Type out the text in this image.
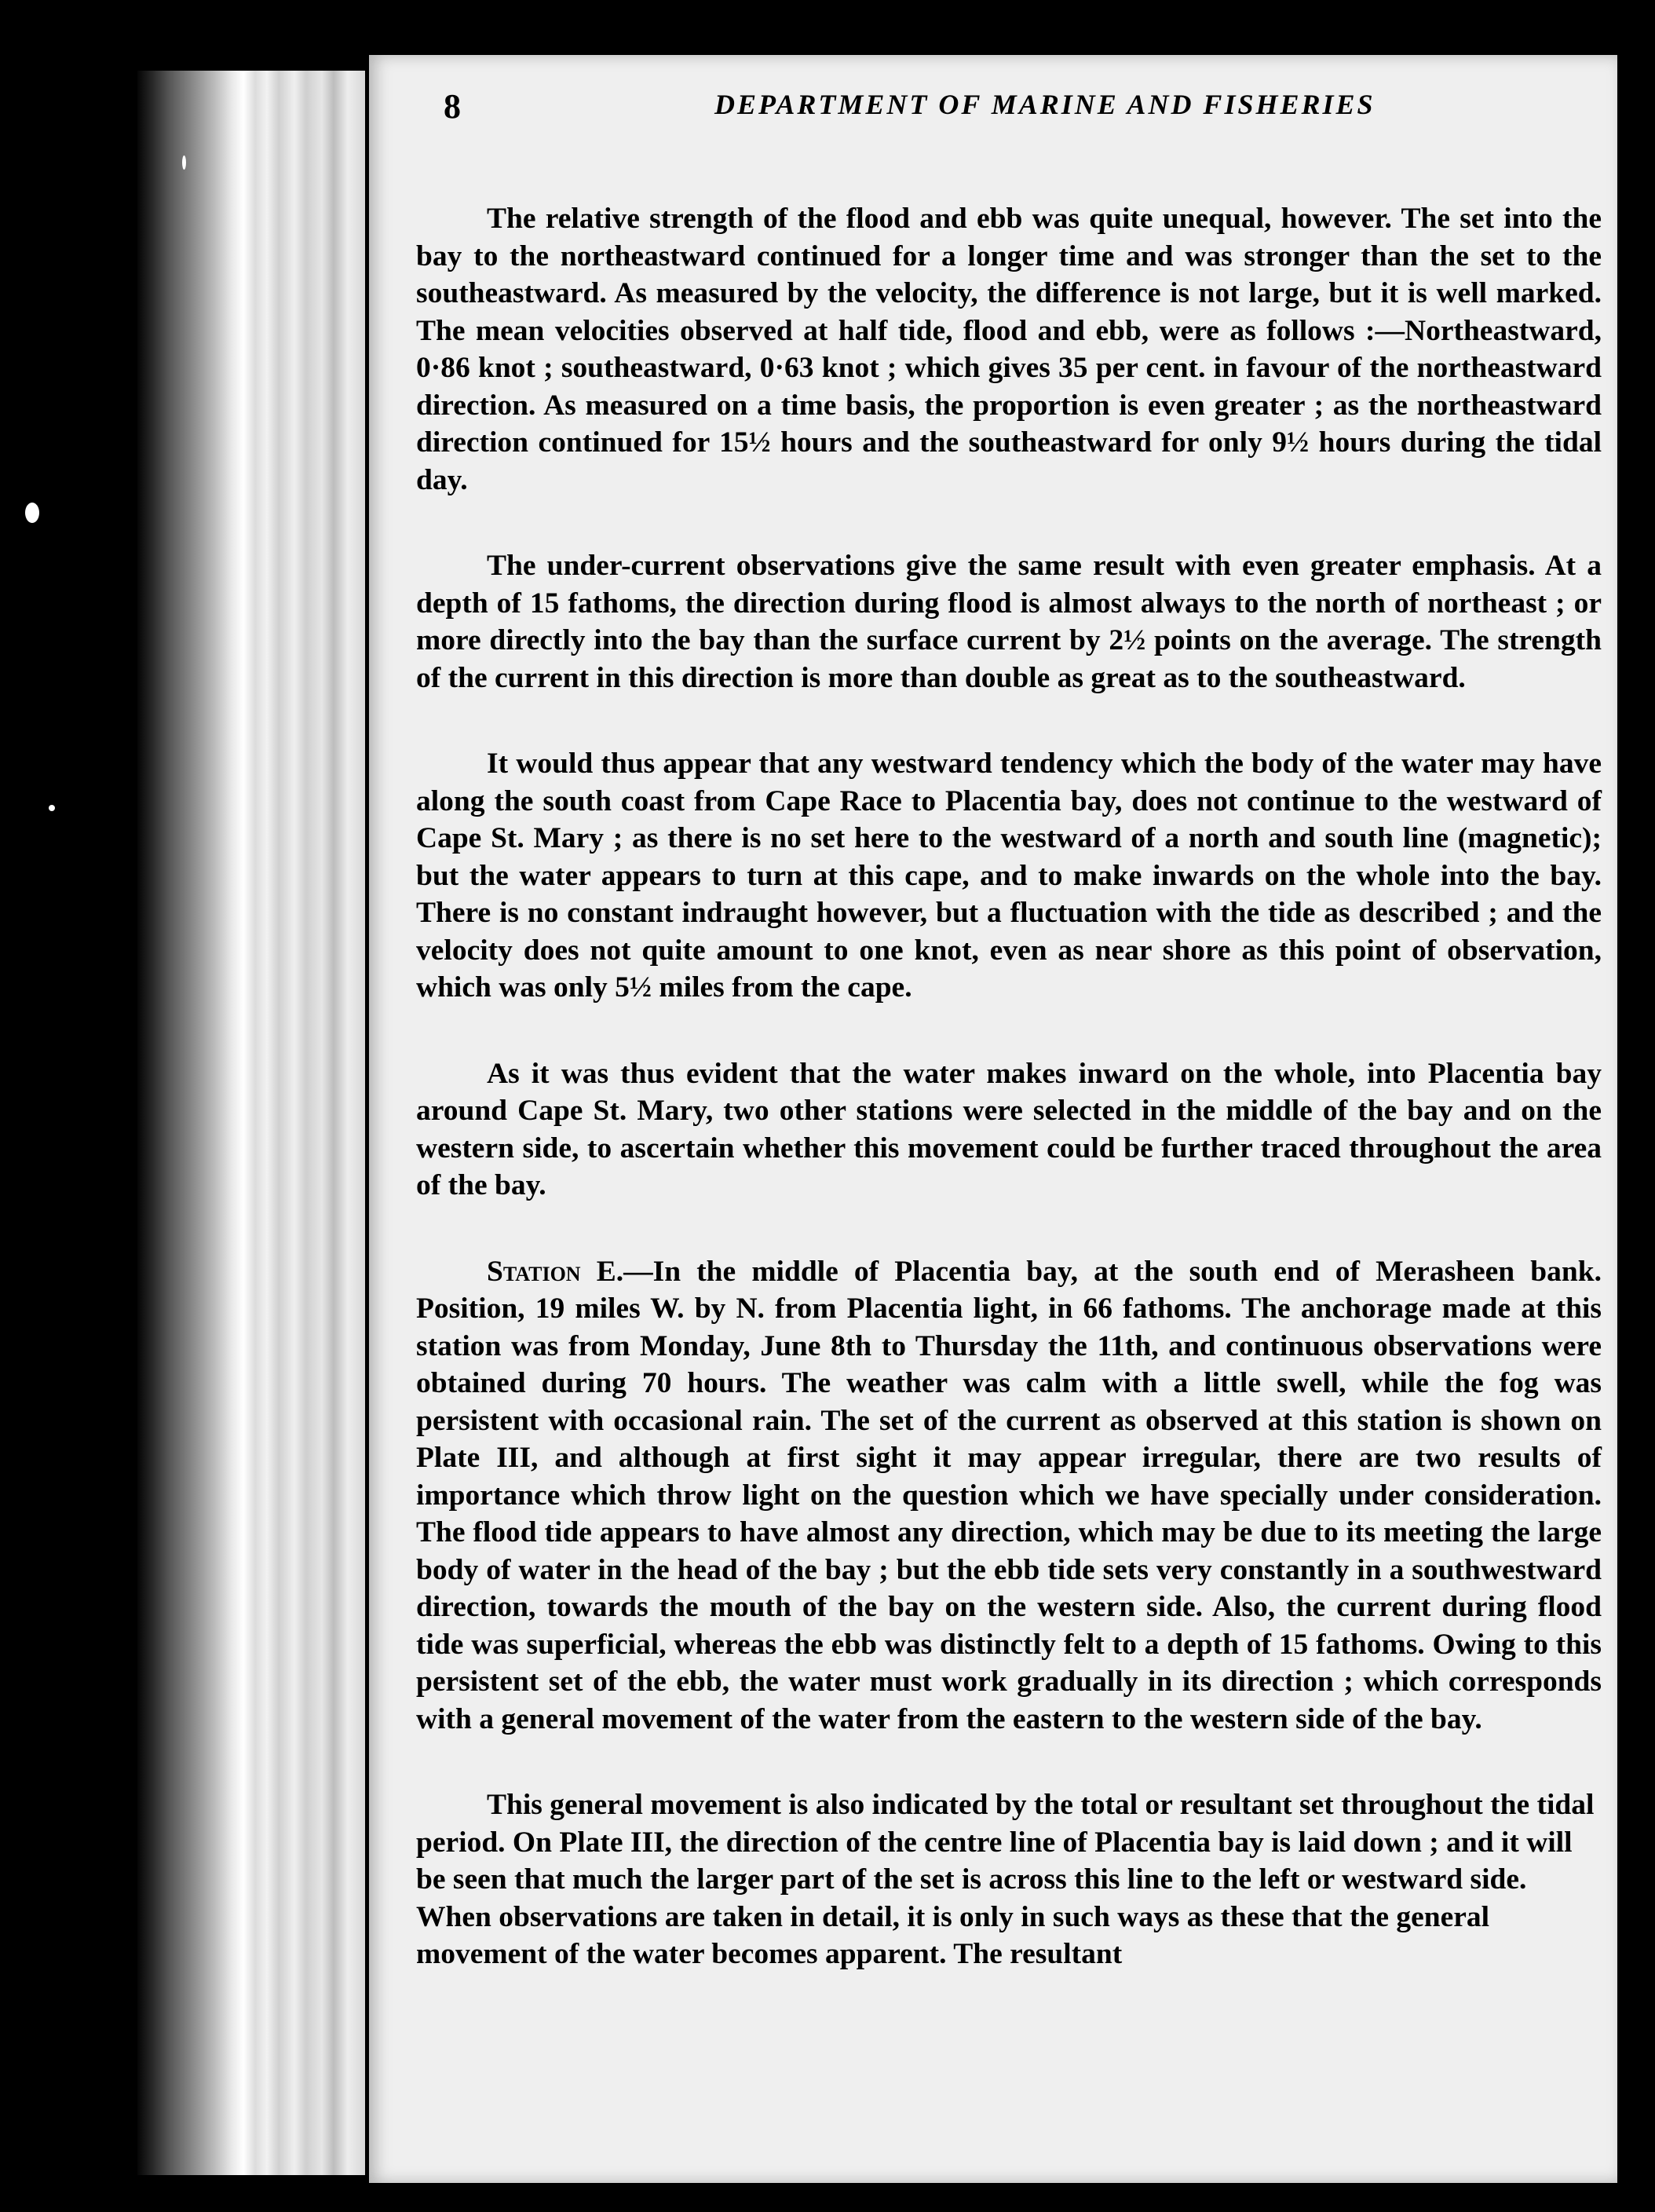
8	DEPARTMENT OF MARINE AND FISHERIES

The relative strength of the flood and ebb was quite unequal, however. The set into the bay to the northeastward continued for a longer time and was stronger than the set to the southeastward. As measured by the velocity, the difference is not large, but it is well marked. The mean velocities observed at half tide, flood and ebb, were as follows :—Northeastward, 0·86 knot ; southeastward, 0·63 knot ; which gives 35 per cent. in favour of the northeastward direction. As measured on a time basis, the proportion is even greater ; as the northeastward direction continued for 15½ hours and the southeastward for only 9½ hours during the tidal day.

The under-current observations give the same result with even greater emphasis. At a depth of 15 fathoms, the direction during flood is almost always to the north of northeast ; or more directly into the bay than the surface current by 2½ points on the average. The strength of the current in this direction is more than double as great as to the southeastward.

It would thus appear that any westward tendency which the body of the water may have along the south coast from Cape Race to Placentia bay, does not continue to the westward of Cape St. Mary ; as there is no set here to the westward of a north and south line (magnetic); but the water appears to turn at this cape, and to make inwards on the whole into the bay. There is no constant indraught however, but a fluctuation with the tide as described ; and the velocity does not quite amount to one knot, even as near shore as this point of observation, which was only 5½ miles from the cape.

As it was thus evident that the water makes inward on the whole, into Placentia bay around Cape St. Mary, two other stations were selected in the middle of the bay and on the western side, to ascertain whether this movement could be further traced throughout the area of the bay.

Station E.—In the middle of Placentia bay, at the south end of Merasheen bank. Position, 19 miles W. by N. from Placentia light, in 66 fathoms. The anchorage made at this station was from Monday, June 8th to Thursday the 11th, and continuous observations were obtained during 70 hours. The weather was calm with a little swell, while the fog was persistent with occasional rain. The set of the current as observed at this station is shown on Plate III, and although at first sight it may appear irregular, there are two results of importance which throw light on the question which we have specially under consideration. The flood tide appears to have almost any direction, which may be due to its meeting the large body of water in the head of the bay ; but the ebb tide sets very constantly in a southwestward direction, towards the mouth of the bay on the western side. Also, the current during flood tide was superficial, whereas the ebb was distinctly felt to a depth of 15 fathoms. Owing to this persistent set of the ebb, the water must work gradually in its direction ; which corresponds with a general movement of the water from the eastern to the western side of the bay.

This general movement is also indicated by the total or resultant set throughout the tidal period. On Plate III, the direction of the centre line of Placentia bay is laid down ; and it will be seen that much the larger part of the set is across this line to the left or westward side. When observations are taken in detail, it is only in such ways as these that the general movement of the water becomes apparent. The resultant
